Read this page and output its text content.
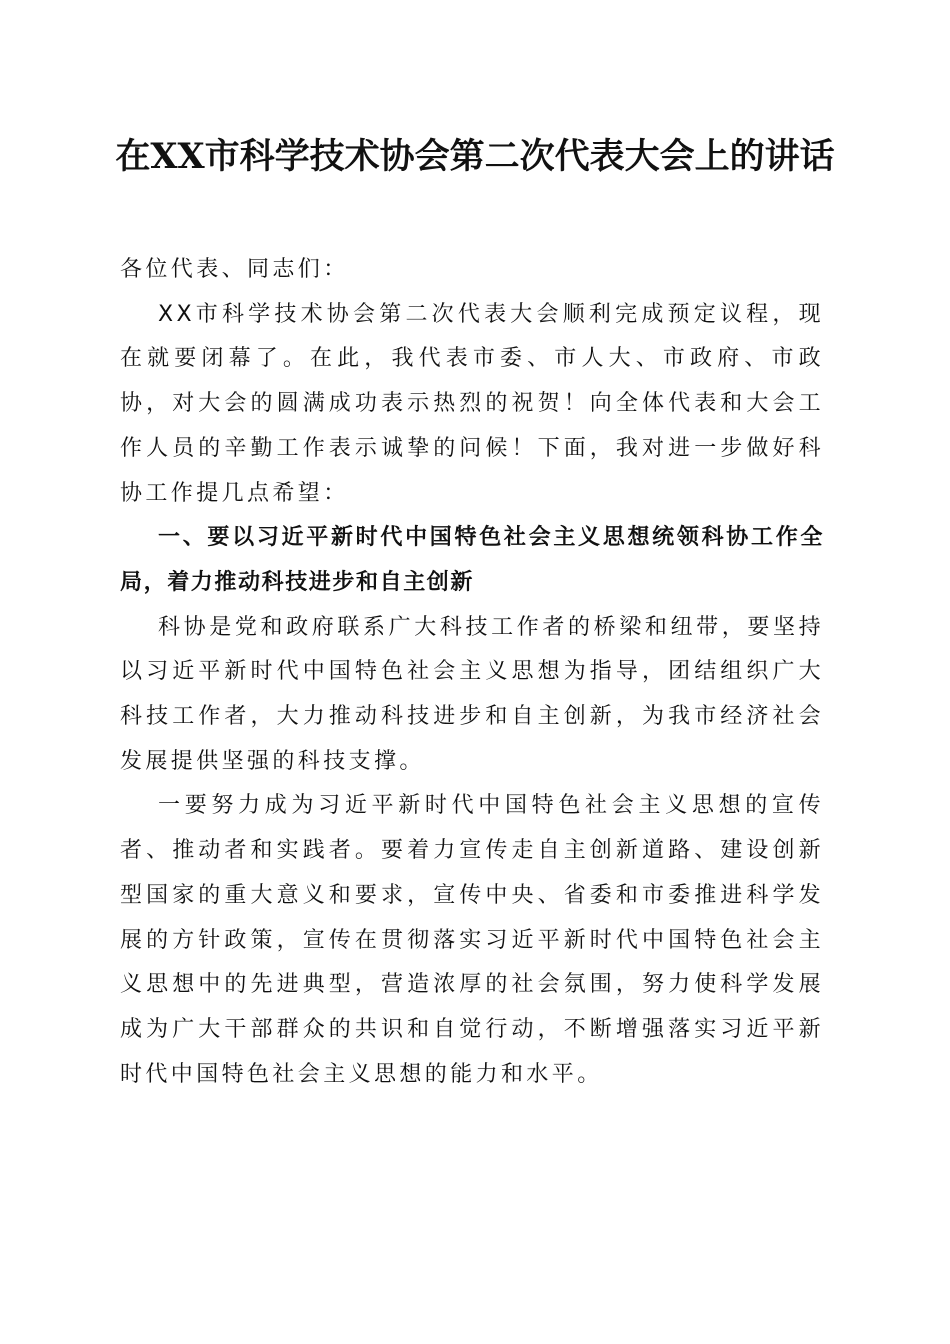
在XX市科学技术协会第二次代表大会上的讲话

各位代表、同志们：

XX市科学技术协会第二次代表大会顺利完成预定议程，现在就要闭幕了。在此，我代表市委、市人大、市政府、市政协，对大会的圆满成功表示热烈的祝贺！向全体代表和大会工作人员的辛勤工作表示诚挚的问候！下面，我对进一步做好科协工作提几点希望：

一、要以习近平新时代中国特色社会主义思想统领科协工作全局，着力推动科技进步和自主创新

科协是党和政府联系广大科技工作者的桥梁和纽带，要坚持以习近平新时代中国特色社会主义思想为指导，团结组织广大科技工作者，大力推动科技进步和自主创新，为我市经济社会发展提供坚强的科技支撑。

一要努力成为习近平新时代中国特色社会主义思想的宣传者、推动者和实践者。要着力宣传走自主创新道路、建设创新型国家的重大意义和要求，宣传中央、省委和市委推进科学发展的方针政策，宣传在贯彻落实习近平新时代中国特色社会主义思想中的先进典型，营造浓厚的社会氛围，努力使科学发展成为广大干部群众的共识和自觉行动，不断增强落实习近平新时代中国特色社会主义思想的能力和水平。
